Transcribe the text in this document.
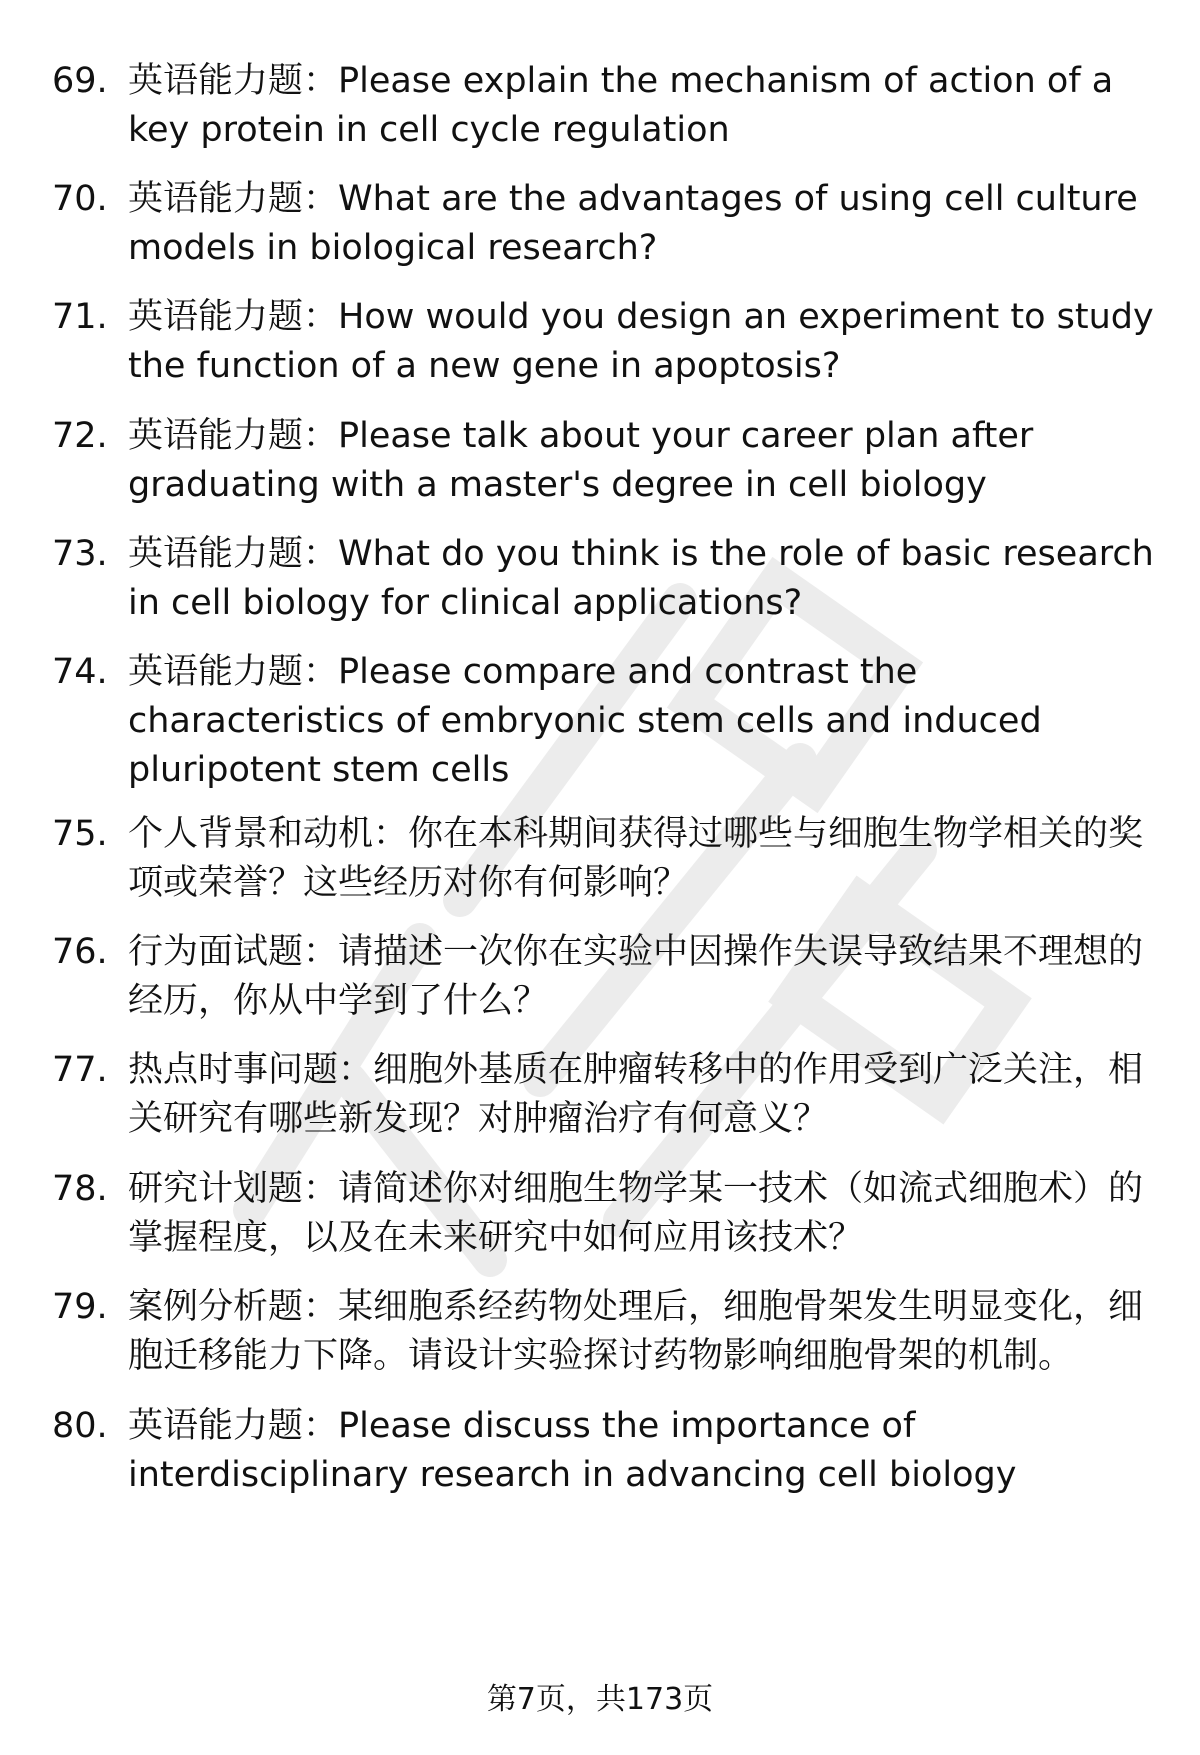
69. 英语能力题：Please explain the mechanism of action of a key protein in cell cycle regulation
70. 英语能力题：What are the advantages of using cell culture models in biological research?
71. 英语能力题：How would you design an experiment to study the function of a new gene in apoptosis?
72. 英语能力题：Please talk about your career plan after graduating with a master's degree in cell biology
73. 英语能力题：What do you think is the role of basic research in cell biology for clinical applications?
74. 英语能力题：Please compare and contrast the characteristics of embryonic stem cells and induced pluripotent stem cells
75. 个人背景和动机：你在本科期间获得过哪些与细胞生物学相关的奖项或荣誉？这些经历对你有何影响？
76. 行为面试题：请描述一次你在实验中因操作失误导致结果不理想的经历，你从中学到了什么？
77. 热点时事问题：细胞外基质在肿瘤转移中的作用受到广泛关注，相关研究有哪些新发现？对肿瘤治疗有何意义？
78. 研究计划题：请简述你对细胞生物学某一技术（如流式细胞术）的掌握程度，以及在未来研究中如何应用该技术？
79. 案例分析题：某细胞系经药物处理后，细胞骨架发生明显变化，细胞迁移能力下降。请设计实验探讨药物影响细胞骨架的机制。
80. 英语能力题：Please discuss the importance of interdisciplinary research in advancing cell biology
第7页，共173页
